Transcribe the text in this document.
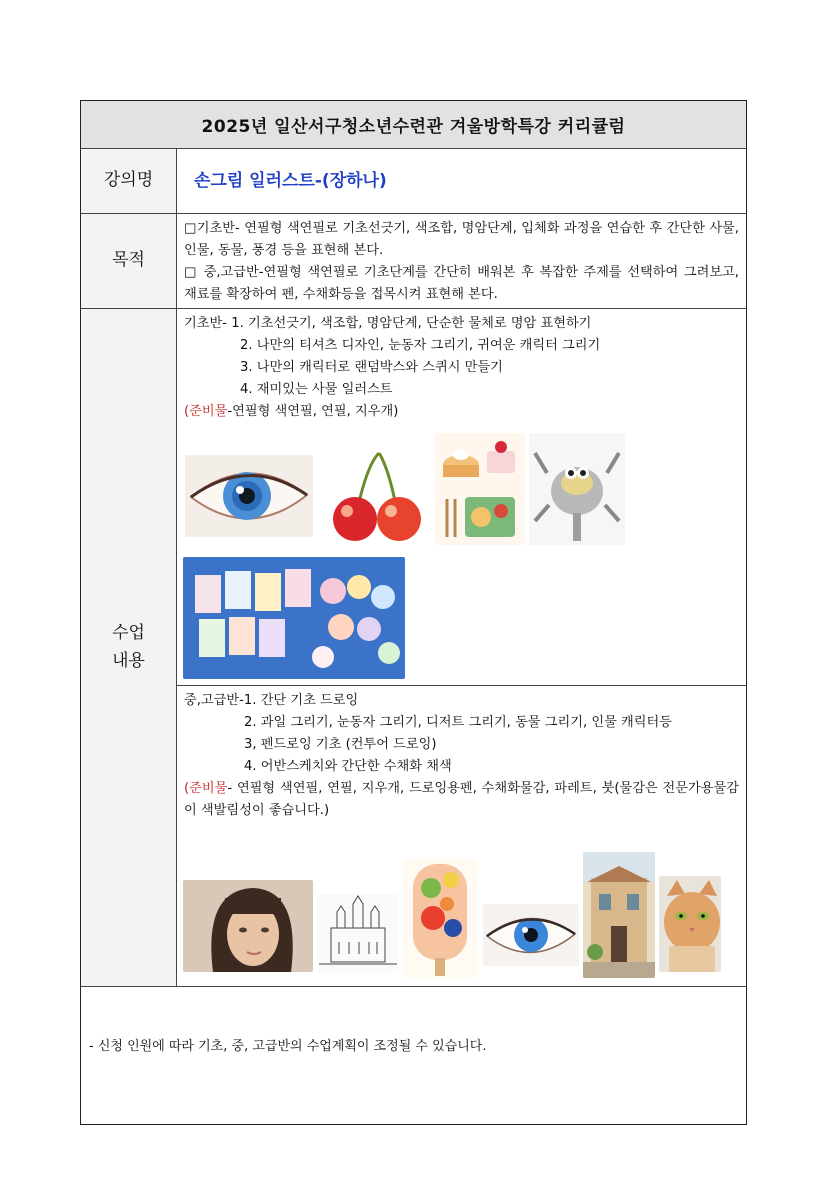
2025년 일산서구청소년수련관 겨울방학특강 커리큘럼
강의명	손그림 일러스트-(장하나)
목적
□기초반- 연필형 색연필로 기초선긋기, 색조합, 명암단계, 입체화 과정을 연습한 후 간단한 사물, 인물, 동물, 풍경 등을 표현해 본다.
□ 중,고급반-연필형 색연필로 기초단계를 간단히 배워본 후 복잡한 주제를 선택하여 그려보고, 재료를 확장하여 펜, 수채화등을 접목시켜 표현해 본다.
수업
내용
기초반- 1. 기초선긋기, 색조합, 명암단계, 단순한 물체로 명암 표현하기
2. 나만의 티셔츠 디자인, 눈동자 그리기, 귀여운 캐릭터 그리기
3. 나만의 캐릭터로 랜덤박스와 스퀴시 만들기
4. 재미있는 사물 일러스트
(준비물-연필형 색연필, 연필, 지우개)
중,고급반-1. 간단 기초 드로잉
2. 과일 그리기, 눈동자 그리기, 디저트 그리기, 동물 그리기, 인물 캐릭터등
3, 펜드로잉 기초 (컨투어 드로잉)
4. 어반스케치와 간단한 수채화 채색
(준비물- 연필형 색연필, 연필, 지우개, 드로잉용펜, 수채화물감, 파레트, 붓(물감은 전문가용물감이 색발림성이 좋습니다.)
- 신청 인원에 따라 기초, 중, 고급반의 수업계획이 조정될 수 있습니다.
